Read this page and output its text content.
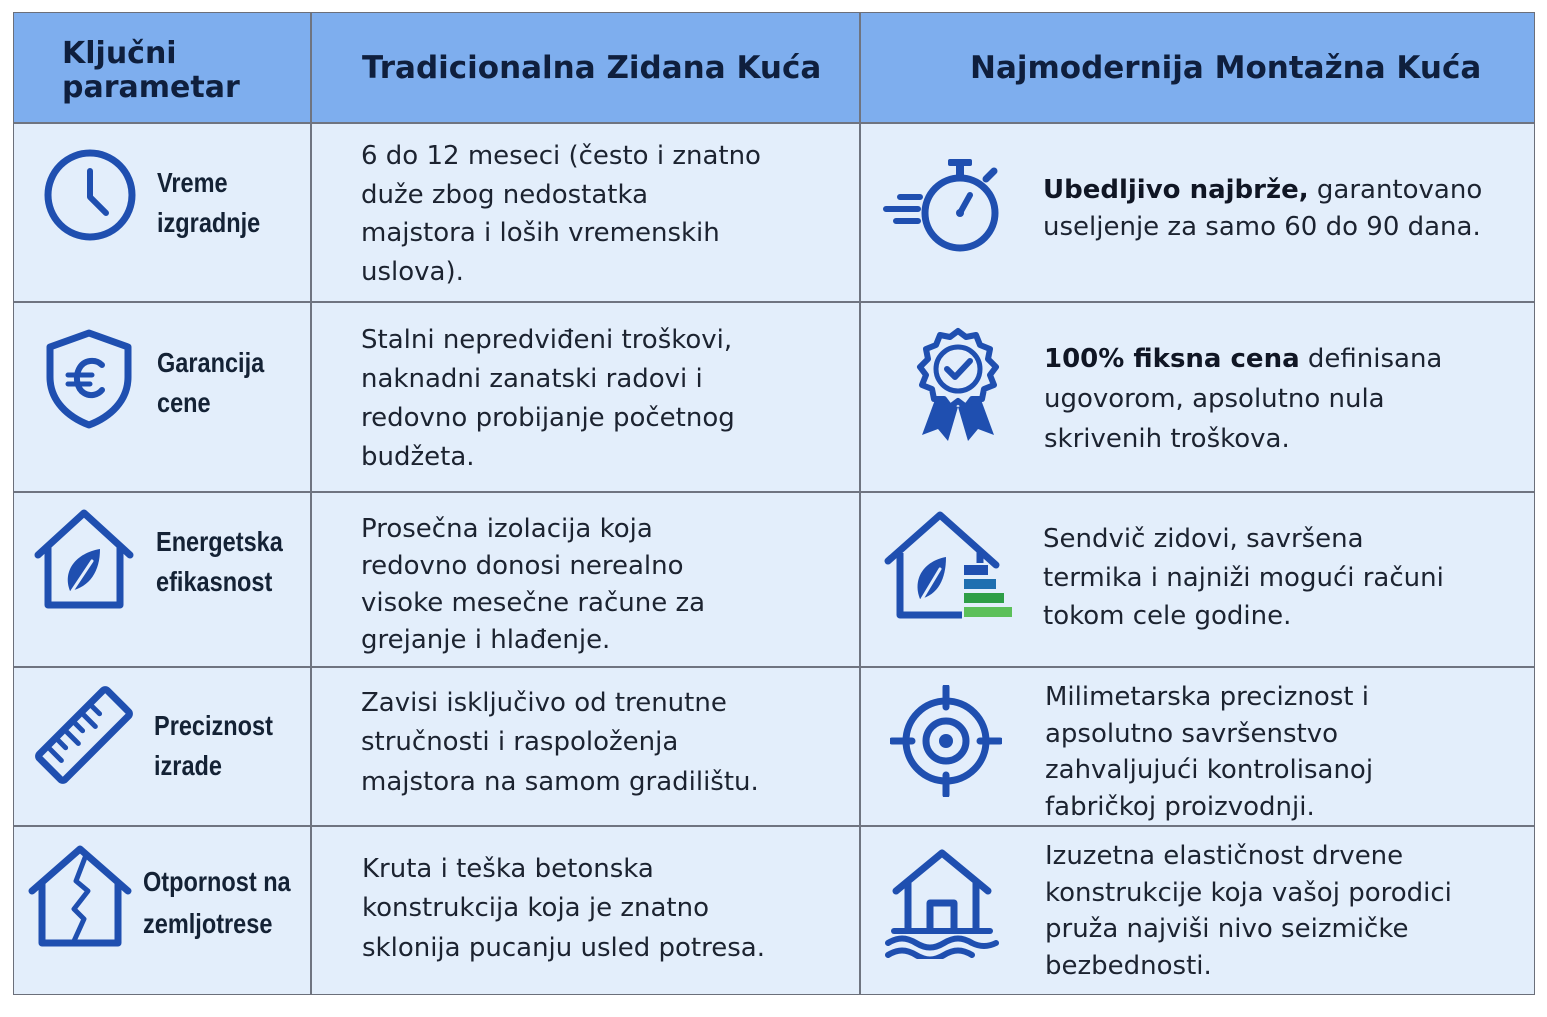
Ključni
parametar
Tradicionalna Zidana Kuća	Najmodernija Montažna Kuća
Vreme
izgradnje
6 do 12 meseci (često i znatno
duže zbog nedostatka
majstora i loših vremenskih
uslova).
Ubedljivo najbrže, garantovano
useljenje za samo 60 do 90 dana.
Garancija
cene
Stalni nepredviđeni troškovi,
naknadni zanatski radovi i
redovno probijanje početnog
budžeta.
100% fiksna cena definisana
ugovorom, apsolutno nula
skrivenih troškova.
Energetska
efikasnost
Prosečna izolacija koja
redovno donosi nerealno
visoke mesečne račune za
grejanje i hlađenje.
Sendvič zidovi, savršena
termika i najniži mogući računi
tokom cele godine.
Preciznost
izrade
Zavisi isključivo od trenutne
stručnosti i raspoloženja
majstora na samom gradilištu.
Milimetarska preciznost i
apsolutno savršenstvo
zahvaljujući kontrolisanoj
fabričkoj proizvodnji.
Otpornost na
zemljotrese
Kruta i teška betonska
konstrukcija koja je znatno
sklonija pucanju usled potresa.
Izuzetna elastičnost drvene
konstrukcije koja vašoj porodici
pruža najviši nivo seizmičke
bezbednosti.
